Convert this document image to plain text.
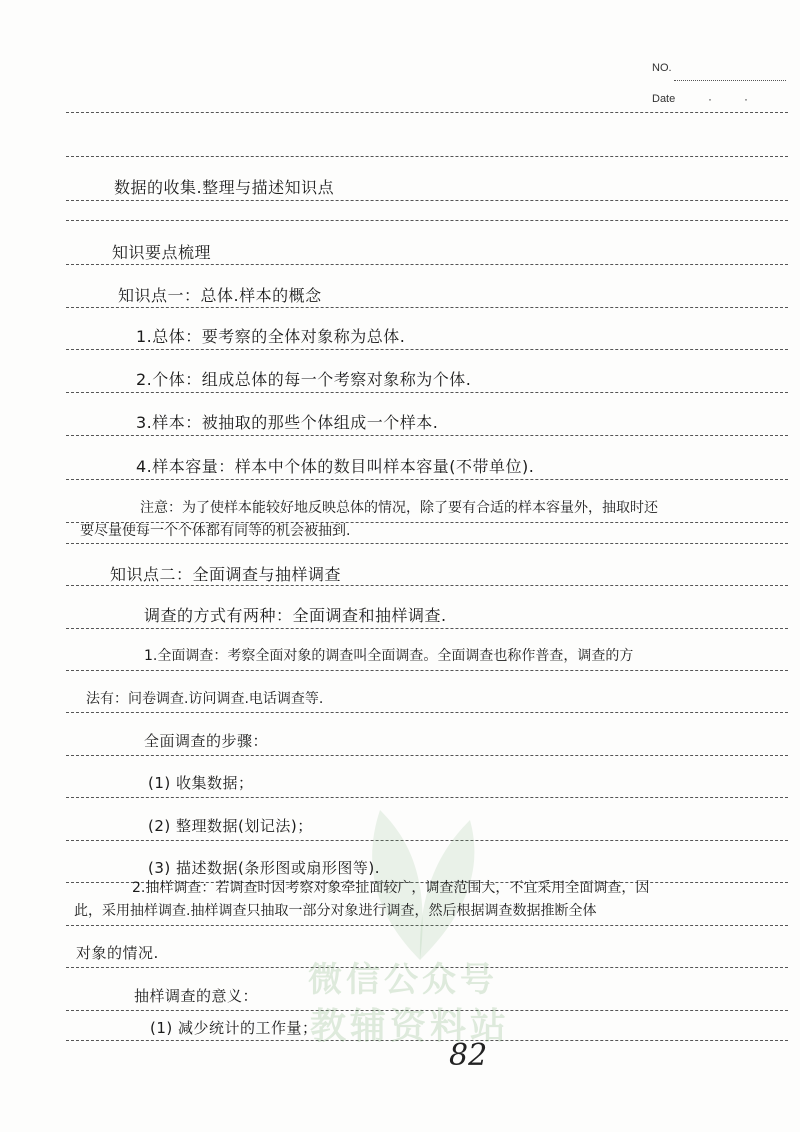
NO.
Date	·	·
微信公众号
教辅资料站
数据的收集.整理与描述知识点
知识要点梳理
知识点一：总体.样本的概念
1.总体：要考察的全体对象称为总体.
2.个体：组成总体的每一个考察对象称为个体.
3.样本：被抽取的那些个体组成一个样本.
4.样本容量：样本中个体的数目叫样本容量(不带单位).
注意：为了使样本能较好地反映总体的情况，除了要有合适的样本容量外，抽取时还
要尽量使每一个个体都有同等的机会被抽到.
知识点二：全面调查与抽样调查
调查的方式有两种：全面调查和抽样调查.
1.全面调查：考察全面对象的调查叫全面调查。全面调查也称作普查，调查的方
法有：问卷调查.访问调查.电话调查等.
全面调查的步骤：
(1) 收集数据；
(2) 整理数据(划记法)；
(3) 描述数据(条形图或扇形图等).
2.抽样调查：若调查时因考察对象牵扯面较广，调查范围大，不宜采用全面调查，因
此，采用抽样调查.抽样调查只抽取一部分对象进行调查，然后根据调查数据推断全体
对象的情况.
抽样调查的意义：
(1) 减少统计的工作量；
82
